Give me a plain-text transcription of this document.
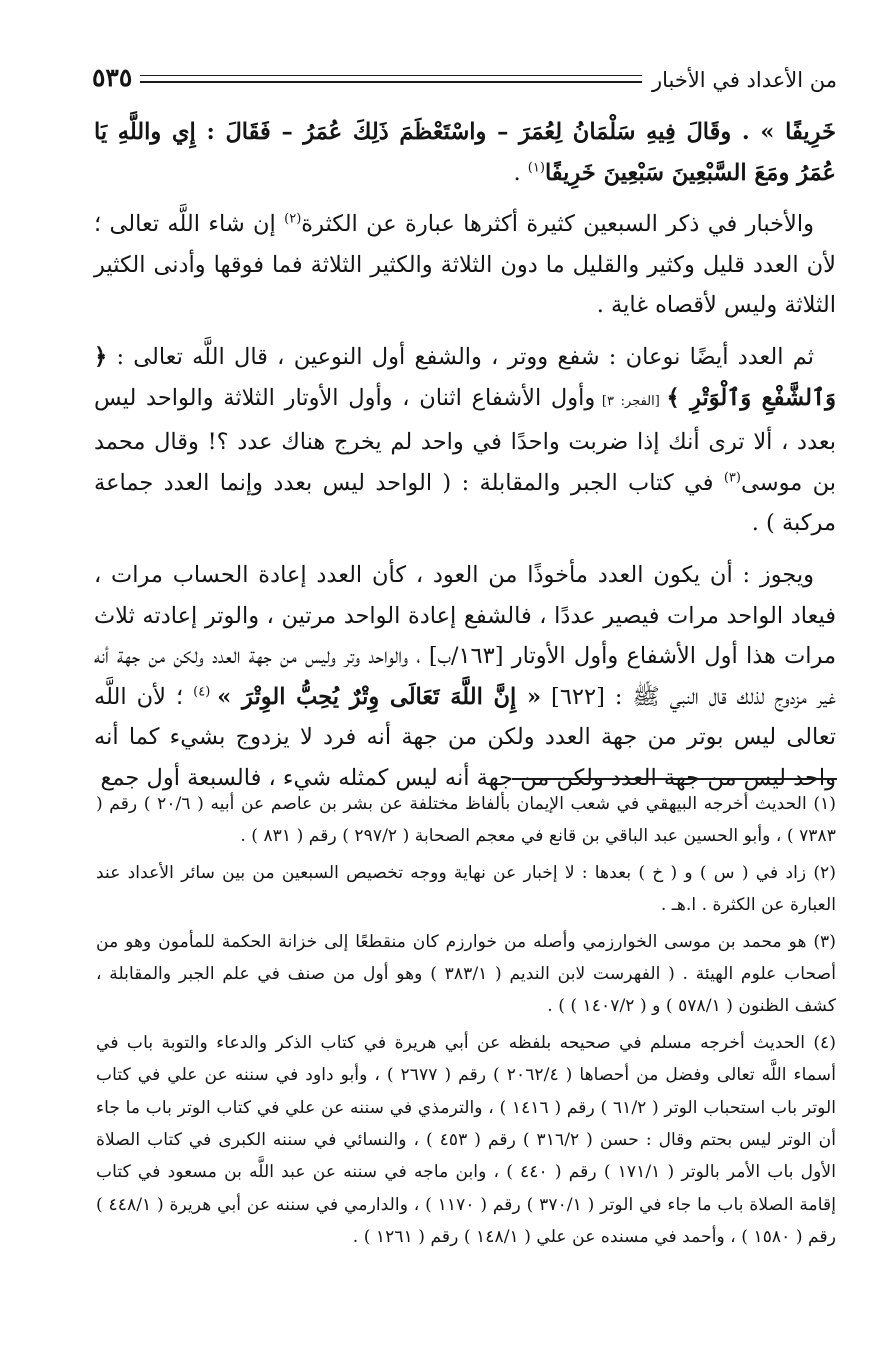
من الأعداد في الأخبار
٥٣٥

خَرِيفًا » . وقَالَ فِيهِ سَلْمَانُ لِعُمَرَ – واسْتَعْظَمَ ذَلِكَ عُمَرُ – فَقَالَ : إِي واللَّهِ يَا عُمَرُ ومَعَ السَّبْعِينَ سَبْعِينَ خَرِيفًا$^{(١)}$ .

والأخبار في ذكر السبعين كثيرة أكثرها عبارة عن الكثرة$^{(٢)}$ إن شاء اللَّه تعالى ؛ لأن العدد قليل وكثير والقليل ما دون الثلاثة والكثير الثلاثة فما فوقها وأدنى الكثير الثلاثة وليس لأقصاه غاية .

ثم العدد أيضًا نوعان : شفع ووتر ، والشفع أول النوعين ، قال اللَّه تعالى : ﴿ وَٱلشَّفْعِ وَٱلْوَتْرِ ﴾ [الفجر: ٣] وأول الأشفاع اثنان ، وأول الأوتار الثلاثة والواحد ليس بعدد ، ألا ترى أنك إذا ضربت واحدًا في واحد لم يخرج هناك عدد ؟! وقال محمد بن موسى$^{(٣)}$ في كتاب الجبر والمقابلة : ( الواحد ليس بعدد وإنما العدد جماعة مركبة ) .

ويجوز : أن يكون العدد مأخوذًا من العود ، كأن العدد إعادة الحساب مرات ، فيعاد الواحد مرات فيصير عددًا ، فالشفع إعادة الواحد مرتين ، والوتر إعادته ثلاث مرات هذا أول الأشفاع وأول الأوتار [١٦٣/ب] ، والواحد وتر وليس من جهة العدد ولكن من جهة أنه غير مزدوج لذلك قال النبي ﷺ : [٦٢٢] « إِنَّ اللَّهَ تَعَالَى وِتْرٌ يُحِبُّ الوِتْرَ » $^{(٤)}$ ؛ لأن اللَّه تعالى ليس بوتر من جهة العدد ولكن من جهة أنه فرد لا يزدوج بشيء كما أنه واحد ليس من جهة العدد ولكن من جهة أنه ليس كمثله شيء ، فالسبعة أول جمع

(١) الحديث أخرجه البيهقي في شعب الإيمان بألفاظ مختلفة عن بشر بن عاصم عن أبيه ( ٢٠/٦ ) رقم ( ٧٣٨٣ ) ، وأبو الحسين عبد الباقي بن قانع في معجم الصحابة ( ٢٩٧/٢ ) رقم ( ٨٣١ ) .

(٢) زاد في ( س ) و ( خ ) بعدها : لا إخبار عن نهاية ووجه تخصيص السبعين من بين سائر الأعداد عند العبارة عن الكثرة . ا.هـ .

(٣) هو محمد بن موسى الخوارزمي وأصله من خوارزم كان منقطعًا إلى خزانة الحكمة للمأمون وهو من أصحاب علوم الهيئة . ( الفهرست لابن النديم ( ٣٨٣/١ ) وهو أول من صنف في علم الجبر والمقابلة ، كشف الظنون ( ٥٧٨/١ ) و ( ١٤٠٧/٢ ) ) .

(٤) الحديث أخرجه مسلم في صحيحه بلفظه عن أبي هريرة في كتاب الذكر والدعاء والتوبة باب في أسماء اللَّه تعالى وفضل من أحصاها ( ٢٠٦٢/٤ ) رقم ( ٢٦٧٧ ) ، وأبو داود في سننه عن علي في كتاب الوتر باب استحباب الوتر ( ٦١/٢ ) رقم ( ١٤١٦ ) ، والترمذي في سننه عن علي في كتاب الوتر باب ما جاء أن الوتر ليس بحتم وقال : حسن ( ٣١٦/٢ ) رقم ( ٤٥٣ ) ، والنسائي في سننه الكبرى في كتاب الصلاة الأول باب الأمر بالوتر ( ١٧١/١ ) رقم ( ٤٤٠ ) ، وابن ماجه في سننه عن عبد اللَّه بن مسعود في كتاب إقامة الصلاة باب ما جاء في الوتر ( ٣٧٠/١ ) رقم ( ١١٧٠ ) ، والدارمي في سننه عن أبي هريرة ( ٤٤٨/١ ) رقم ( ١٥٨٠ ) ، وأحمد في مسنده عن علي ( ١٤٨/١ ) رقم ( ١٢٦١ ) .
